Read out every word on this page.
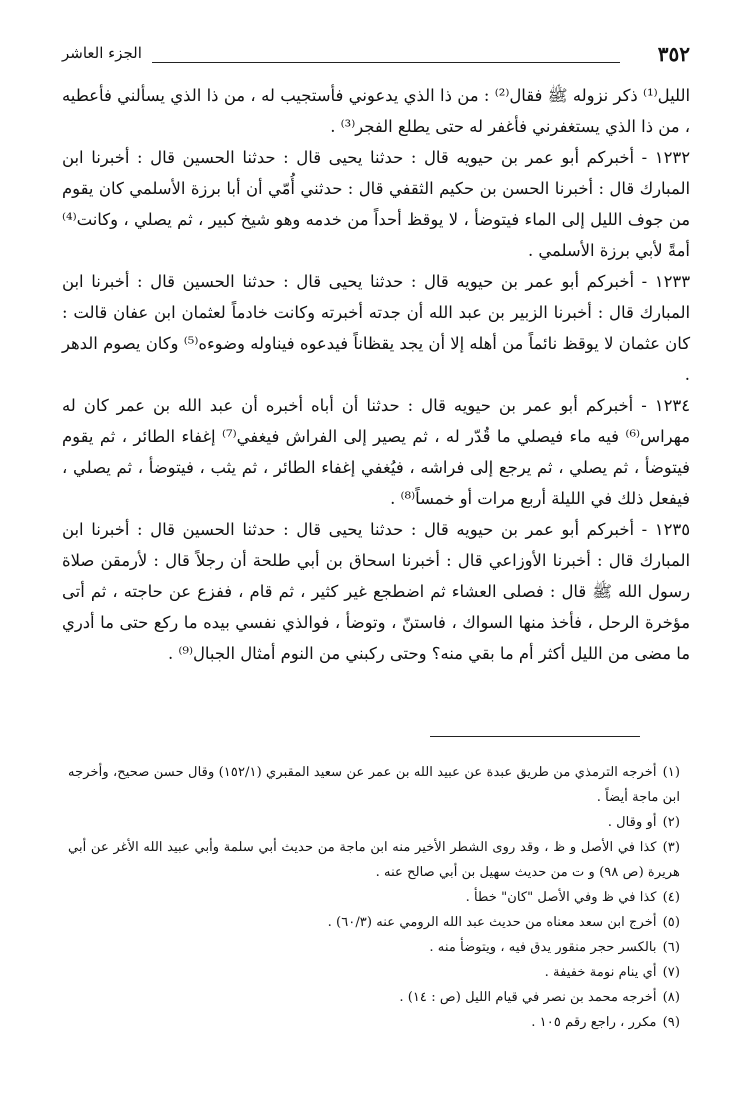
٣٥٢
الجزء العاشر

الليل⁽¹⁾ ذكر نزوله ﷺ فقال⁽²⁾ : من ذا الذي يدعوني فأستجيب له ، من ذا الذي يسألني فأعطيه ، من ذا الذي يستغفرني فأغفر له حتى يطلع الفجر⁽³⁾ .

١٢٣٢ - أخبركم أبو عمر بن حيويه قال : حدثنا يحيى قال : حدثنا الحسين قال : أخبرنا ابن المبارك قال : أخبرنا الحسن بن حكيم الثقفي قال : حدثني أُمّي أن أبا برزة الأسلمي كان يقوم من جوف الليل إلى الماء فيتوضأ ، لا يوقظ أحداً من خدمه وهو شيخ كبير ، ثم يصلي ، وكانت⁽⁴⁾ أمةً لأبي برزة الأسلمي .

١٢٣٣ - أخبركم أبو عمر بن حيويه قال : حدثنا يحيى قال : حدثنا الحسين قال : أخبرنا ابن المبارك قال : أخبرنا الزبير بن عبد الله أن جدته أخبرته وكانت خادماً لعثمان ابن عفان قالت : كان عثمان لا يوقظ نائماً من أهله إلا أن يجد يقظاناً فيدعوه فيناوله وضوءه⁽⁵⁾ وكان يصوم الدهر .

١٢٣٤ - أخبركم أبو عمر بن حيويه قال : حدثنا أن أباه أخبره أن عبد الله بن عمر كان له مهراس⁽⁶⁾ فيه ماء فيصلي ما قُدّر له ، ثم يصير إلى الفراش فيغفي⁽⁷⁾ إغفاء الطائر ، ثم يقوم فيتوضأ ، ثم يصلي ، ثم يرجع إلى فراشه ، فيُغفي إغفاء الطائر ، ثم يثب ، فيتوضأ ، ثم يصلي ، فيفعل ذلك في الليلة أربع مرات أو خمساً⁽⁸⁾ .

١٢٣٥ - أخبركم أبو عمر بن حيويه قال : حدثنا يحيى قال : حدثنا الحسين قال : أخبرنا ابن المبارك قال : أخبرنا الأوزاعي قال : أخبرنا اسحاق بن أبي طلحة أن رجلاً قال : لأرمقن صلاة رسول الله ﷺ قال : فصلى العشاء ثم اضطجع غير كثير ، ثم قام ، ففزع عن حاجته ، ثم أتى مؤخرة الرحل ، فأخذ منها السواك ، فاستنّ ، وتوضأ ، فوالذي نفسي بيده ما ركع حتى ما أدري ما مضى من الليل أكثر أم ما بقي منه؟ وحتى ركبني من النوم أمثال الجبال⁽⁹⁾ .

(١)أخرجه الترمذي من طريق عبدة عن عبيد الله بن عمر عن سعيد المقبري (١٥٢/١) وقال حسن صحيح، وأخرجه ابن ماجة أيضاً .

(٢)أو وقال .

(٣)كذا في الأصل و ظ ، وقد روى الشطر الأخير منه ابن ماجة من حديث أبي سلمة وأبي عبيد الله الأغر عن أبي هريرة (ص ٩٨) و ت من حديث سهيل بن أبي صالح عنه .

(٤)كذا في ظ وفي الأصل "كان" خطأ .

(٥)أخرج ابن سعد معناه من حديث عبد الله الرومي عنه (٦٠/٣) .

(٦)بالكسر حجر منقور يدق فيه ، ويتوضأ منه .

(٧)أي ينام نومة خفيفة .

(٨)أخرجه محمد بن نصر في قيام الليل (ص : ١٤) .

(٩)مكرر ، راجع رقم ١٠٥ .
